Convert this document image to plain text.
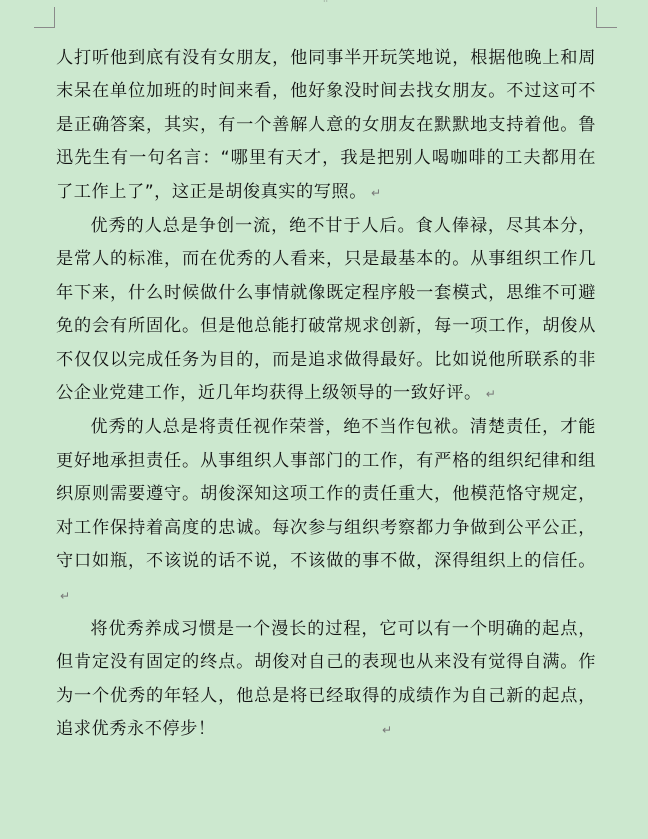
··

人打听他到底有没有女朋友，他同事半开玩笑地说，根据他晚上和周末呆在单位加班的时间来看，他好象没时间去找女朋友。不过这可不是正确答案，其实，有一个善解人意的女朋友在默默地支持着他。鲁迅先生有一句名言：“哪里有天才，我是把别人喝咖啡的工夫都用在了工作上了”，这正是胡俊真实的写照。 ↵

优秀的人总是争创一流，绝不甘于人后。食人俸禄，尽其本分，是常人的标准，而在优秀的人看来，只是最基本的。从事组织工作几年下来，什么时候做什么事情就像既定程序般一套模式，思维不可避免的会有所固化。但是他总能打破常规求创新，每一项工作，胡俊从不仅仅以完成任务为目的，而是追求做得最好。比如说他所联系的非公企业党建工作，近几年均获得上级领导的一致好评。 ↵

优秀的人总是将责任视作荣誉，绝不当作包袱。清楚责任，才能更好地承担责任。从事组织人事部门的工作，有严格的组织纪律和组织原则需要遵守。胡俊深知这项工作的责任重大，他模范恪守规定，对工作保持着高度的忠诚。每次参与组织考察都力争做到公平公正，守口如瓶，不该说的话不说，不该做的事不做，深得组织上的信任。↵

将优秀养成习惯是一个漫长的过程，它可以有一个明确的起点，但肯定没有固定的终点。胡俊对自己的表现也从来没有觉得自满。作为一个优秀的年轻人，他总是将已经取得的成绩作为自己新的起点，追求优秀永不停步！	↵
